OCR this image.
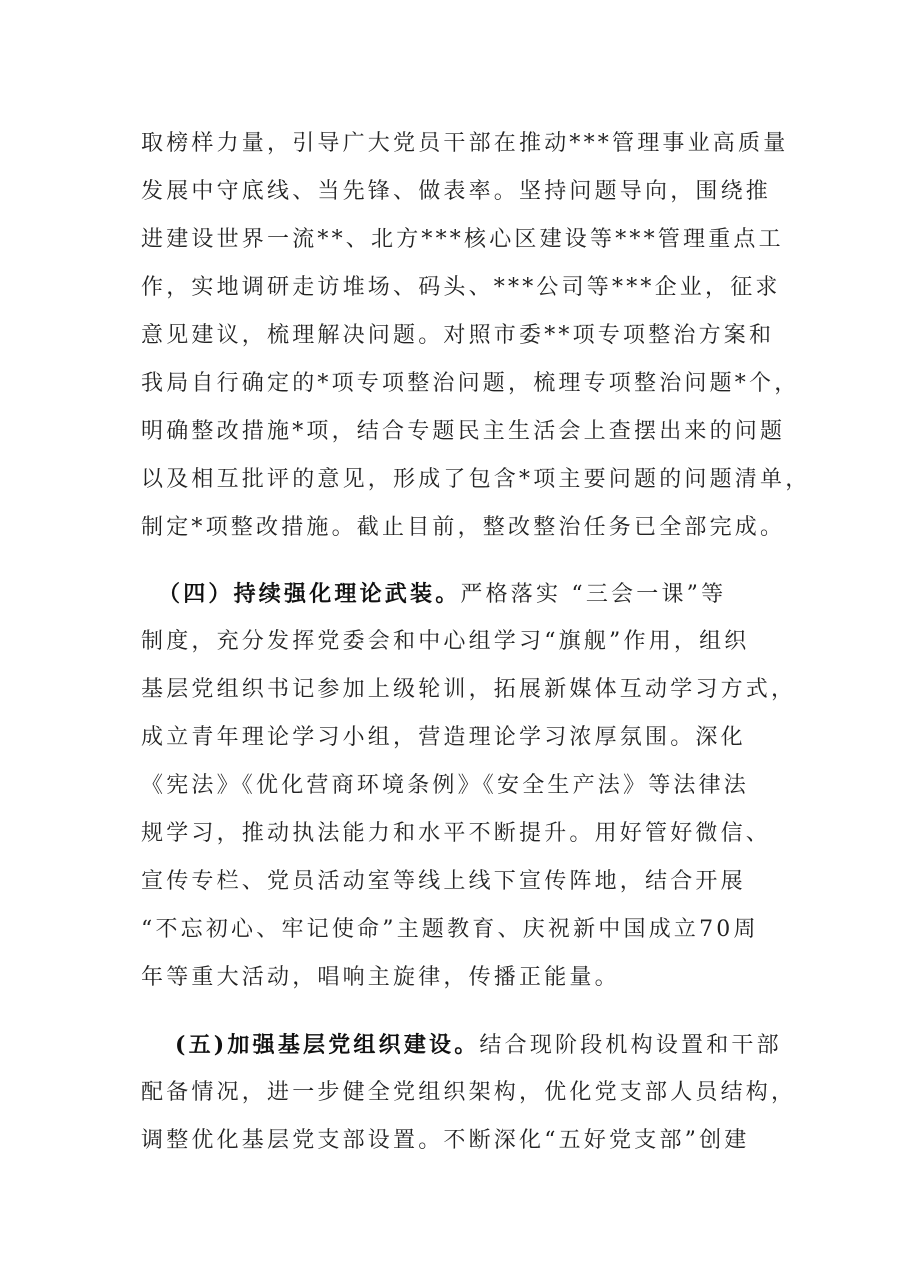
取榜样力量，引导广大党员干部在推动***管理事业高质量
发展中守底线、当先锋、做表率。坚持问题导向，围绕推
进建设世界一流**、北方***核心区建设等***管理重点工
作，实地调研走访堆场、码头、***公司等***企业，征求
意见建议，梳理解决问题。对照市委**项专项整治方案和
我局自行确定的*项专项整治问题，梳理专项整治问题*个，
明确整改措施*项，结合专题民主生活会上查摆出来的问题
以及相互批评的意见，形成了包含*项主要问题的问题清单，
制定*项整改措施。截止目前，整改整治任务已全部完成。
（四）持续强化理论武装。严格落实 “三会一课”等
制度，充分发挥党委会和中心组学习“旗舰”作用，组织
基层党组织书记参加上级轮训，拓展新媒体互动学习方式，
成立青年理论学习小组，营造理论学习浓厚氛围。深化
《宪法》《优化营商环境条例》《安全生产法》等法律法
规学习，推动执法能力和水平不断提升。用好管好微信、
宣传专栏、党员活动室等线上线下宣传阵地，结合开展
“不忘初心、牢记使命”主题教育、庆祝新中国成立70周
年等重大活动，唱响主旋律，传播正能量。
(五)加强基层党组织建设。结合现阶段机构设置和干部
配备情况，进一步健全党组织架构，优化党支部人员结构，
调整优化基层党支部设置。不断深化“五好党支部”创建
